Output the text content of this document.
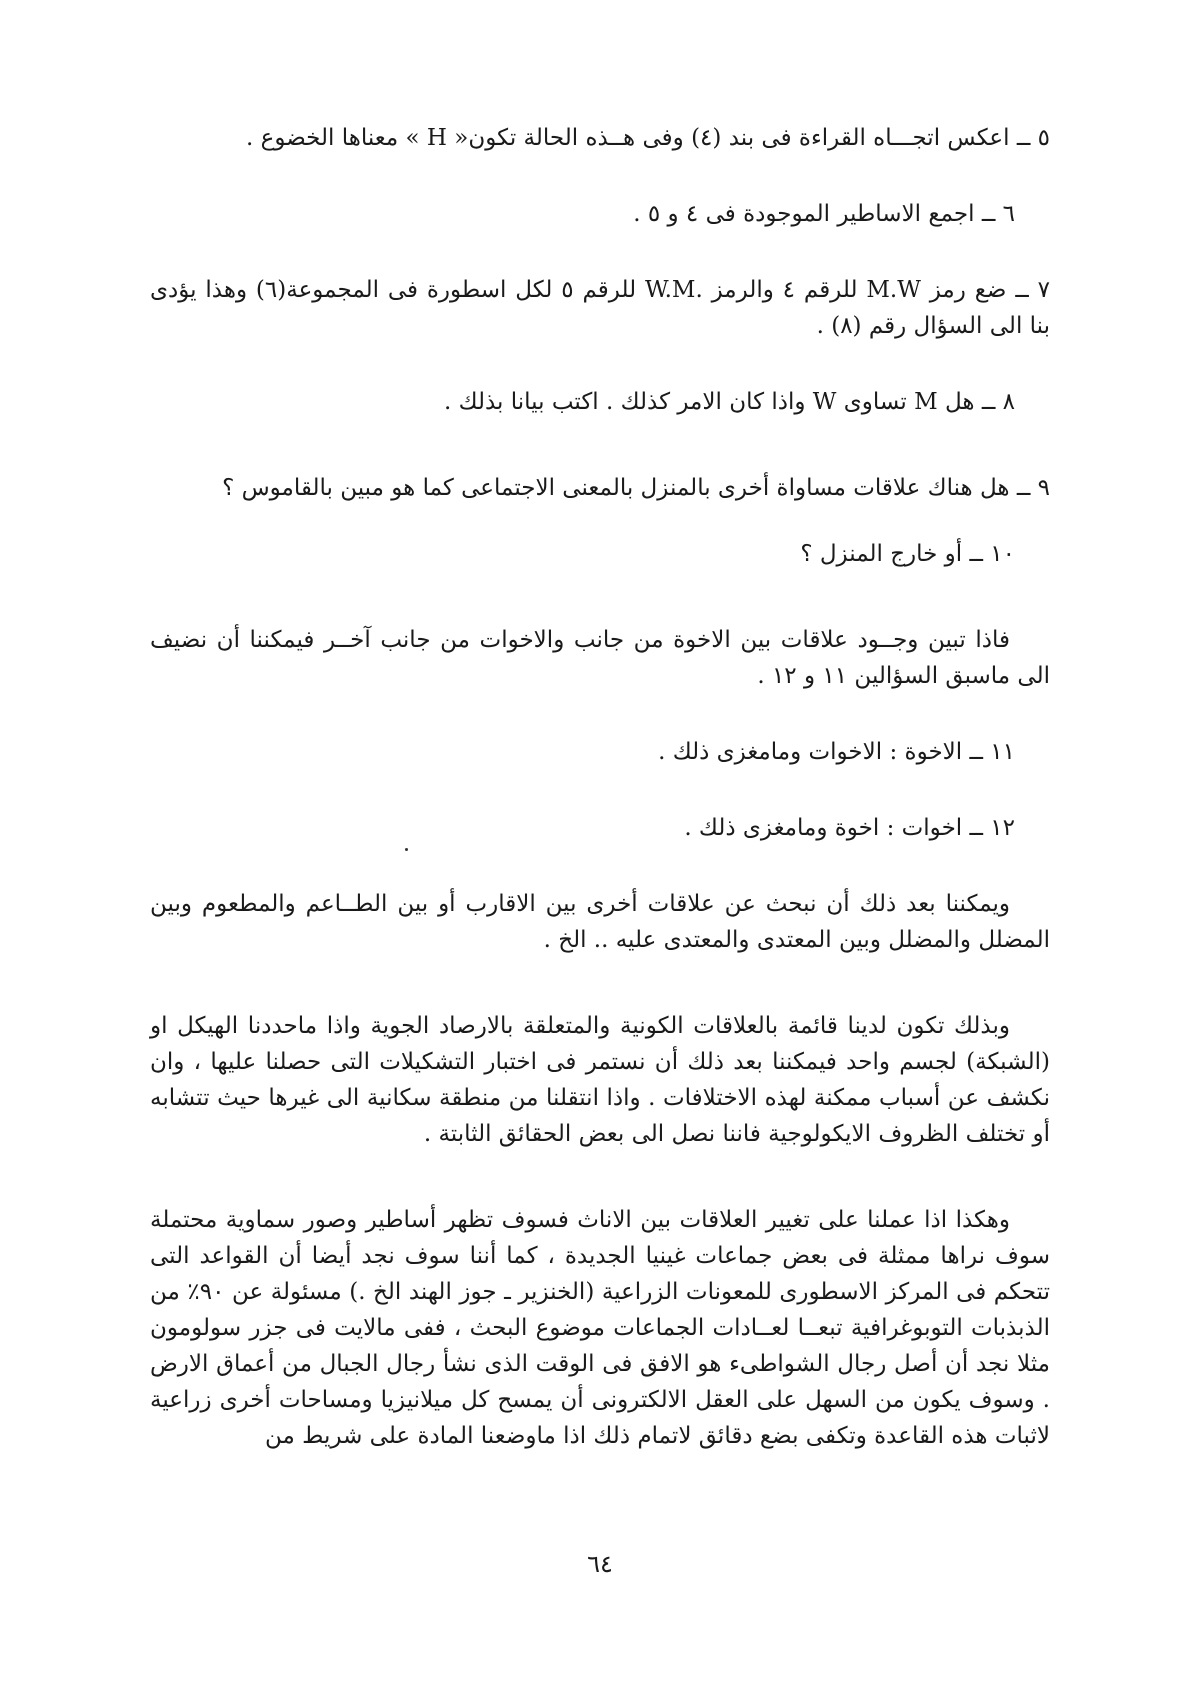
٥ ــ اعكس اتجـــاه القراءة فى بند (٤) وفى هــذه الحالة تكون« H » معناها الخضوع .

٦ ــ اجمع الاساطير الموجودة فى ٤ و ٥ .

٧ ــ ضع رمز M.W للرقم ٤ والرمز .W.M للرقم ٥ لكل اسطورة فى المجموعة(٦) وهذا يؤدى بنا الى السؤال رقم (٨) .

٨ ــ هل M تساوى W واذا كان الامر كذلك . اكتب بيانا بذلك .

٩ ــ هل هناك علاقات مساواة أخرى بالمنزل بالمعنى الاجتماعى كما هو مبين بالقاموس ؟

١٠ ــ أو خارج المنزل ؟

فاذا تبين وجــود علاقات بين الاخوة من جانب والاخوات من جانب آخــر فيمكننا أن نضيف الى ماسبق السؤالين ١١ و ١٢ .

١١ ــ الاخوة : الاخوات ومامغزى ذلك .

١٢ ــ اخوات : اخوة ومامغزى ذلك .

ويمكننا بعد ذلك أن نبحث عن علاقات أخرى بين الاقارب أو بين الطــاعم والمطعوم وبين المضلل والمضلل وبين المعتدى والمعتدى عليه .. الخ .

وبذلك تكون لدينا قائمة بالعلاقات الكونية والمتعلقة بالارصاد الجوية واذا ماحددنا الهيكل او (الشبكة) لجسم واحد فيمكننا بعد ذلك أن نستمر فى اختبار التشكيلات التى حصلنا عليها ، وان نكشف عن أسباب ممكنة لهذه الاختلافات . واذا انتقلنا من منطقة سكانية الى غيرها حيث تتشابه أو تختلف الظروف الايكولوجية فاننا نصل الى بعض الحقائق الثابتة .

وهكذا اذا عملنا على تغيير العلاقات بين الاناث فسوف تظهر أساطير وصور سماوية محتملة سوف نراها ممثلة فى بعض جماعات غينيا الجديدة ، كما أننا سوف نجد أيضا أن القواعد التى تتحكم فى المركز الاسطورى للمعونات الزراعية (الخنزير ـ جوز الهند الخ .) مسئولة عن ٩٠٪ من الذبذبات التوبوغرافية تبعــا لعــادات الجماعات موضوع البحث ، ففى مالايت فى جزر سولومون مثلا نجد أن أصل رجال الشواطىء هو الافق فى الوقت الذى نشأ رجال الجبال من أعماق الارض . وسوف يكون من السهل على العقل الالكترونى أن يمسح كل ميلانيزيا ومساحات أخرى زراعية لاثبات هذه القاعدة وتكفى بضع دقائق لاتمام ذلك اذا ماوضعنا المادة على شريط من

٦٤
